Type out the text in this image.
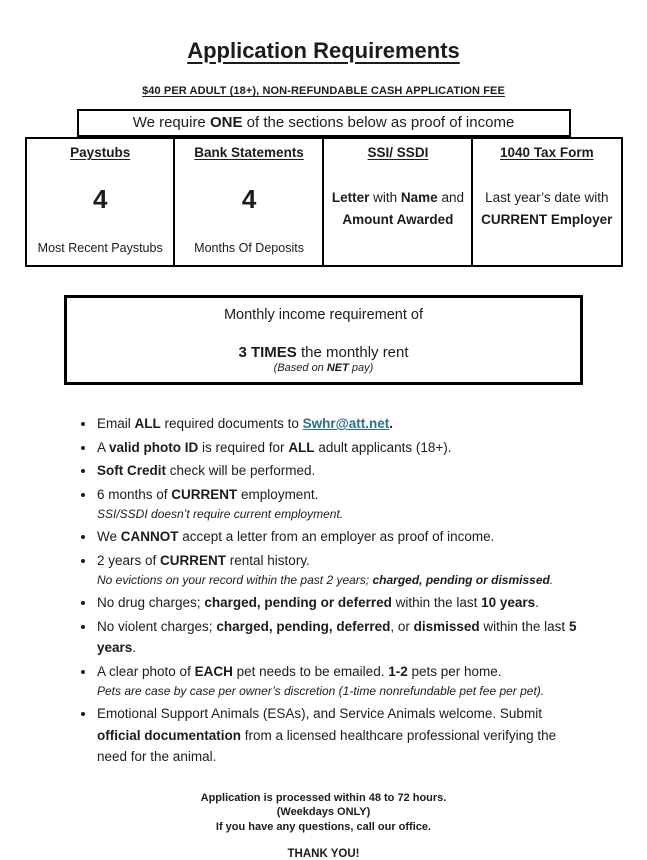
Application Requirements
$40 PER ADULT (18+), NON-REFUNDABLE CASH APPLICATION FEE
We require ONE of the sections below as proof of income
Paystubs
4
Most Recent Paystubs
Bank Statements
4
Months Of Deposits
SSI/ SSDI
Letter with Name and Amount Awarded
1040 Tax Form
Last year’s date with CURRENT Employer
Monthly income requirement of
3 TIMES the monthly rent
(Based on NET pay)
• Email ALL required documents to Swhr@att.net.
• A valid photo ID is required for ALL adult applicants (18+).
• Soft Credit check will be performed.
• 6 months of CURRENT employment.
SSI/SSDI doesn’t require current employment.
• We CANNOT accept a letter from an employer as proof of income.
• 2 years of CURRENT rental history.
No evictions on your record within the past 2 years; charged, pending or dismissed.
• No drug charges; charged, pending or deferred within the last 10 years.
• No violent charges; charged, pending, deferred, or dismissed within the last 5 years.
• A clear photo of EACH pet needs to be emailed. 1-2 pets per home.
Pets are case by case per owner’s discretion (1-time nonrefundable pet fee per pet).
• Emotional Support Animals (ESAs), and Service Animals welcome. Submit official documentation from a licensed healthcare professional verifying the need for the animal.
Application is processed within 48 to 72 hours.
(Weekdays ONLY)
If you have any questions, call our office.
THANK YOU!
